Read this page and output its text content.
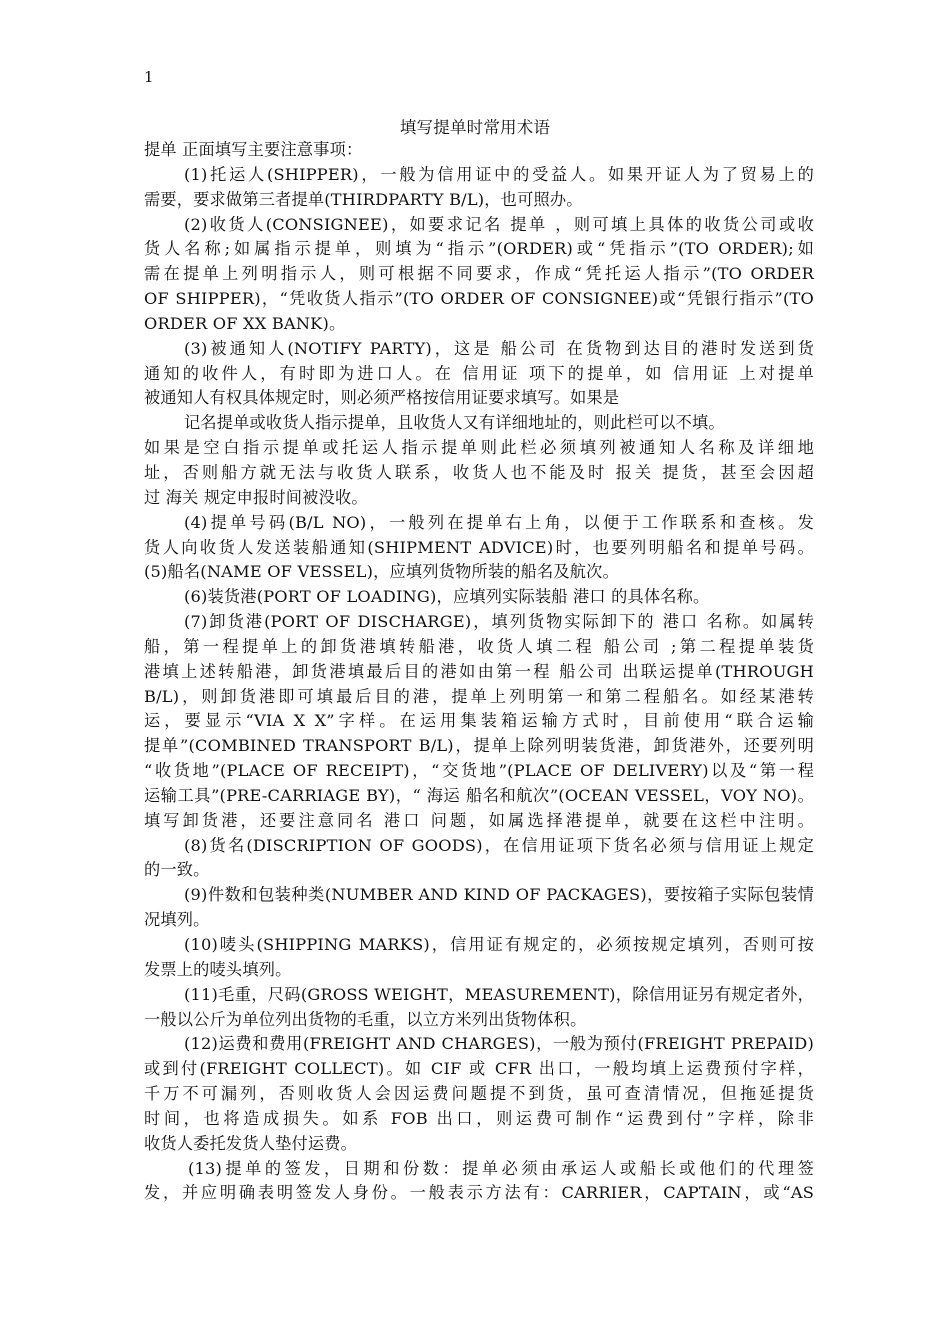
1
填写提单时常用术语
提单 正面填写主要注意事项：
(1)托运人(SHIPPER)，一般为信用证中的受益人。如果开证人为了贸易上的
需要，要求做第三者提单(THIRDPARTY B/L)，也可照办。
(2)收货人(CONSIGNEE)，如要求记名 提单 ，则可填上具体的收货公司或收
货人名称;如属指示提单，则填为“指示”(ORDER)或“凭指示”(TO ORDER);如
需在提单上列明指示人，则可根据不同要求，作成“凭托运人指示”(TO ORDER
OF SHIPPER)，“凭收货人指示”(TO ORDER OF CONSIGNEE)或“凭银行指示”(TO
ORDER OF XX BANK)。
(3)被通知人(NOTIFY PARTY)，这是 船公司 在货物到达目的港时发送到货
通知的收件人，有时即为进口人。在 信用证 项下的提单，如 信用证 上对提单
被通知人有权具体规定时，则必须严格按信用证要求填写。如果是
记名提单或收货人指示提单，且收货人又有详细地址的，则此栏可以不填。
如果是空白指示提单或托运人指示提单则此栏必须填列被通知人名称及详细地
址，否则船方就无法与收货人联系，收货人也不能及时 报关 提货，甚至会因超
过 海关 规定申报时间被没收。
(4)提单号码(B/L NO)，一般列在提单右上角，以便于工作联系和查核。发
货人向收货人发送装船通知(SHIPMENT ADVICE)时，也要列明船名和提单号码。
(5)船名(NAME OF VESSEL)，应填列货物所装的船名及航次。
(6)装货港(PORT OF LOADING)，应填列实际装船 港口 的具体名称。
(7)卸货港(PORT OF DISCHARGE)，填列货物实际卸下的 港口 名称。如属转
船，第一程提单上的卸货港填转船港，收货人填二程 船公司 ;第二程提单装货
港填上述转船港，卸货港填最后目的港如由第一程 船公司 出联运提单(THROUGH
B/L)，则卸货港即可填最后目的港，提单上列明第一和第二程船名。如经某港转
运，要显示“VIA X X”字样。在运用集装箱运输方式时，目前使用“联合运输
提单”(COMBINED TRANSPORT B/L)，提单上除列明装货港，卸货港外，还要列明
“收货地”(PLACE OF RECEIPT)，“交货地”(PLACE OF DELIVERY)以及“第一程
运输工具”(PRE-CARRIAGE BY)，“ 海运 船名和航次”(OCEAN VESSEL，VOY NO)。
填写卸货港，还要注意同名 港口 问题，如属选择港提单，就要在这栏中注明。
(8)货名(DISCRIPTION OF GOODS)，在信用证项下货名必须与信用证上规定
的一致。
(9)件数和包装种类(NUMBER AND KIND OF PACKAGES)，要按箱子实际包装情
况填列。
(10)唛头(SHIPPING MARKS)，信用证有规定的，必须按规定填列，否则可按
发票上的唛头填列。
(11)毛重，尺码(GROSS WEIGHT，MEASUREMENT)，除信用证另有规定者外，
一般以公斤为单位列出货物的毛重，以立方米列出货物体积。
(12)运费和费用(FREIGHT AND CHARGES)，一般为预付(FREIGHT PREPAID)
或到付(FREIGHT COLLECT)。如 CIF 或 CFR 出口，一般均填上运费预付字样，
千万不可漏列，否则收货人会因运费问题提不到货，虽可查清情况，但拖延提货
时间，也将造成损失。如系 FOB 出口，则运费可制作“运费到付”字样，除非
收货人委托发货人垫付运费。
(13)提单的签发，日期和份数：提单必须由承运人或船长或他们的代理签
发，并应明确表明签发人身份。一般表示方法有：CARRIER，CAPTAIN，或“AS
